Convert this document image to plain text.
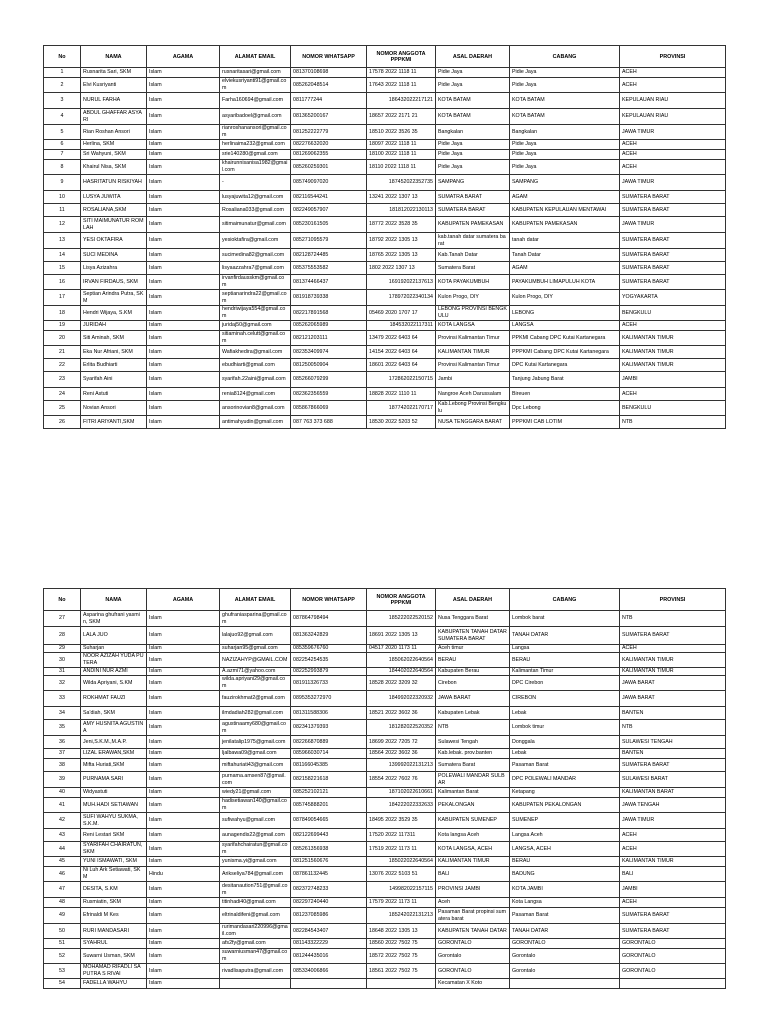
No	NAMA	AGAMA	ALAMAT EMAIL	NOMOR WHATSAPP	NOMOR ANGGOTA PPPKMI	ASAL DAERAH	CABANG	PROVINSI
1	Rusnarita Sari, SKM	Islam	rusnaritasari@gmail.com	081370108698	17578 2022 1118 11	Pidie Jaya	Pidie Jaya	ACEH
2	Elvi Kusriyanti	Islam	elviekusriyanti91@gmail.com	085262048514	17643 2022 1118 11	Pidie Jaya	Pidie Jaya	ACEH
3	NURUL FARHA	Islam	Farha160694@gmail.com	0811777244	186432022217121	KOTA BATAM	KOTA BATAM	KEPULAUAN RIAU
4	ABDUL GHAFFAR ASYARI	Islam	asyaribadoel@gmail.com	081365200167	18657 2022 2171 21	KOTA BATAM	KOTA BATAM	KEPULAUAN RIAU
5	Rian Roshan Ansori	Islam	rianroshanansori@gmail.com	081252222779	18510 2022 3526 35	Bangkalan	Bangkalan	JAWA TIMUR
6	Herlina, SKM	Islam	herlinaima232@gmail.com	082276632020	18097 2022 1118 11	Pidie Jaya	Pidie Jaya	ACEH
7	Sri Wahyuni, SKM	Islam	srie140280@gmail.com	081269062355	18100 2022 1118 11	Pidie Jaya	Pidie Jaya	ACEH
8	Khairul Nisa, SKM	Islam	khairunnisanisa1982@gmail.com	085260259301	18110 2022 1118 11	Pidie Jaya	Pidie Jaya	ACEH
9	HASRITATUN RISKIYAH	Islam	-	085749097020	187452022352735	SAMPANG	SAMPANG	JAWA TIMUR
10	LUSYA JUWITA	Islam	lusyajuwita12@gmail.com	082116544241	13241 2022 1307 13	SUMATRA BARAT	AGAM	SUMATERA BARAT
11	ROSALIANA,SKM	Islam	Rosaliana033@gmail.com	082249057907	181812022130113	SUMATERA BARAT	KABUPATEN KEPULAUAN MENTAWAI	SUMATERA BARAT
12	SITI MAIMUNATUR ROMLAH	Islam	sitimaimunatur@gmail.com	085230161505	18772 2022 3528 35	KABUPATEN PAMEKASAN	KABUPATEN PAMEKASAN	JAWA TIMUR
13	YESI OKTAFIRA	Islam	yesioktafira@gmail.com	085271095579	18792 2022 1305 13	kab.tanah datar sumatera barat	tanah datar	SUMATERA BARAT
14	SUCI MEDINA	Islam	sucimedina82@gmail.com	082128724485	18765 2022 1305 13	Kab.Tanah Datar	Tanah Datar	SUMATERA BARAT
15	Lisya Azizahra	Islam	lisyaazzahra7@gmail.com	085375553582	1802 2022 1307 13	Sumatera Barat	AGAM	SUMATERA BARAT
16	IRVAN FIRDAUS, SKM	Islam	irvanfirdausskm@gmail.com	081374466437	169192022137613	KOTA PAYAKUMBUH	PAYAKUMBUH LIMAPULUH KOTA	SUMATERA BARAT
17	Septian Arindra Putra, SKM	Islam	septianarindra22@gmail.com	081918739338	178972022340134	Kulon Progo, DIY	Kulon Progo, DIY	YOGYAKARTA
18	Hendri Wijaya, S.KM	Islam	hendriwijaya554@gmail.com	082217891568	05469 2020 1707 17	LEBONG PROVINSI BENGKULU	LEBONG	BENGKULU
19	JURIDAH	Islam	juridaj50@gmail.com	085262065989	184532022117311	KOTA LANGSA	LANGSA	ACEH
20	Siti Aminah, SKM	Islam	sitiaminah.celutt@gmail.com	082121203111	13479 2022 6403 64	Provinsi Kalimantan Timur	PPKMI Cabang DPC Kutai Kartanegara	KALIMANTAN TIMUR
21	Eka Nur Afriani, SKM	Islam	Wafiakhedira@gmail.com	082353409974	14154 2022 6403 64	KALIMANTAN TIMUR	PPPKMI Cabang DPC Kutai Kartanegara	KALIMANTAN TIMUR
22	Erlita Budhiarti	Islam	ebudhiarti@gmail.com	081250050904	18601 2022 6403 64	Provinsi Kalimantan Timur	DPC Kutai Kartanegara	KALIMANTAN TIMUR
23	Syarifah Aini	Islam	syarifah.22aini@gmail.com	085266079299	172862022150715	Jambi	Tanjung Jabung Barat	JAMBI
24	Reni Astuti	Islam	renia8124@gmail.com	082362356559	18828 2022 1110 11	Nangroe Aceh Darussalam	Bireuen	ACEH
25	Novian Ansori	Islam	ansorinovian8@gmail.com	085867866069	187742022170717	Kab.Lebong Provinsi Bengkulu	Dpc Lebong	BENGKULU
26	FITRI ARIYANTI,SKM	Islam	antimahyudin@gmail.com	087 763 373 688	18530 2022 5203 52	NUSA TENGGARA BARAT	PPPKMI CAB LOTIM	NTB
No	NAMA	AGAMA	ALAMAT EMAIL	NOMOR WHATSAPP	NOMOR ANGGOTA PPPKMI	ASAL DAERAH	CABANG	PROVINSI
27	Asparina ghufrani yasmin, SKM	Islam	ghufraniasparina@gmail.com	087864798494	185222022520152	Nusa Tenggara Barat	Lombok barat	NTB
28	LALA JUO	Islam	lalajuo92@gmail.com	081363242829	18691 2022 1305 13	KABUPATEN TANAH DATAR SUMATERA BARAT	TANAH DATAR	SUMATERA BARAT
29	Suharjan	Islam	suharjan95@gmail.com	085359676760	04517 2020 1173 11	Aceh timur	Langsa	ACEH
30	NOOR AZIZAH YUDA PUTERA	Islam	NAZIZAHYP@GMAIL.COM	082254254535	185062022640564	BERAU	BERAU	KALIMANTAN TIMUR
31	ANDINI NUR AZMI	Islam	A.azmi71@yahoo.com	082252993879	184402022640564	Kabupaten Berau	Kalimantan Timur	KALIMANTAN TIMUR
32	Wilda Apriyani, S.KM	Islam	wilda.apriyani29@gmail.com	081911326733	18528 2022 3209 32	Cirebon	DPC Cirebon	JAWA BARAT
33	ROKHMAT FAUZI	Islam	fauzirokhmat2@gmail.com	0895353272970	184992022320932	JAWA BARAT	CIREBON	JAWA BARAT
34	Sa'diah, SKM	Islam	ilmdadiah282@gmail.com	081311588306	18521 2022 3602 36	Kabupaten Lebak	Lebak	BANTEN
35	AMY HUSNITA AGUSTINA	Islam	agustinaamy680@gmail.com	082341379393	181282022520352	NTB	Lombok timur	NTB
36	Jeni,S.K.M.,M.A.P.	Islam	jenilatalip1975@gmail.com	082266870889	18699 2022 7205 72	Sulawesi Tengah	Donggala	SULAWESI TENGAH
37	LIZAL ERAWAN,SKM	Islam	ljalbawa09@gmail.com	085966030714	18564 2022 3602 36	Kab.lebak. prov.banten	Lebak	BANTEN
38	Mifta Huriati,SKM	Islam	miftahuriati43@gmail.com	081166045385	139992022131213	Sumatera Barat	Pasaman Barat	SUMATERA BARAT
39	PURNAMA SARI	Islam	purnama.amsen87@gmail.com	082158221618	18554 2022 7602 76	POLEWALI MANDAR SULBAR	DPC POLEWALI MANDAR	SULAWESI BARAT
40	Widyastuti	Islam	wiedy21@gmail.com	085252102121	187102022610661	Kalimantan Barat	Ketapang	KALIMANTAN BARAT
41	MUH.HADI SETIAWAN	Islam	hadisetiawan140@gmail.com	085745888201	184222022332633	PEKALONGAN	KABUPATEN PEKALONGAN	JAWA TENGAH
42	SUFI WAHYU SUKMA, S.K.M.	Islam	sufiwahyu@gmail.com	087849054665	18495 2022 3529 35	KABUPATEN SUMENEP	SUMENEP	JAWA TIMUR
43	Reni Lestari SKM	Islam	aunagendis22@gmail.com	082122699443	17520 2022 117311	Kota langsa Aceh	Langsa Aceh	ACEH
44	SYARIFAH CHAIRATUN, SKM	Islam	syarifahchairatun@gmail.com	085261356938	17519 2022 1173 11	KOTA LANGSA, ACEH	LANGSA, ACEH	ACEH
45	YUNI ISMAWATI, SKM	Islam	yunisma.yi@gmail.com	081251560676	185022022640564	KALIMANTAN TIMUR	BERAU	KALIMANTAN TIMUR
46	Ni Luh Ark Setiawati, SKM	Hindu	Arikseliya784@gmail.com	087861132445	13076 2022 5103 51	BALI	BADUNG	BALI
47	DESITA, S.KM	Islam	desitanaution751@gmail.com	082372748233	149982022157115	PROVINSI JAMBI	KOTA JAMBI	JAMBI
48	Rusmiatin, SKM	Islam	titinhadi40@gmail.com	082297240440	17579 2022 1173 11	Aceh	Kota Langsa	ACEH
49	Efrinaldi M Kes	Islam	eltrinaldifeni@gmail.com	081237085986	185242022131213	Pasaman Barat propinsi sumatera barat	Pasaman Barat	SUMATERA BARAT
50	RURI MANDASARI	Islam	rurimandasari220996@gmail.com	082284543407	18648 2022 1305 13	KABUPATEN TANAH DATAR	TANAH DATAR	SUMATERA BARAT
51	SYAHRUL	Islam	afs2fy@gmail.com	081143322229	18560 2022 7502 75	GORONTALO	GORONTALO	GORONTALO
52	Suwarni Usman, SKM	Islam	suwarniusman47@gmail.com	081244435016	18572 2022 7502 75	Gorontalo	Gorontalo	GORONTALO
53	MOHAMAD RIFADLI SAPUTRA S RIVAI	Islam	rivadlisaputra@gmail.com	085334006866	18561 2022 7502 75	GORONTALO	Gorontalo	GORONTALO
54	FADELLA WAHYU	Islam				Kecamatan X Koto		
